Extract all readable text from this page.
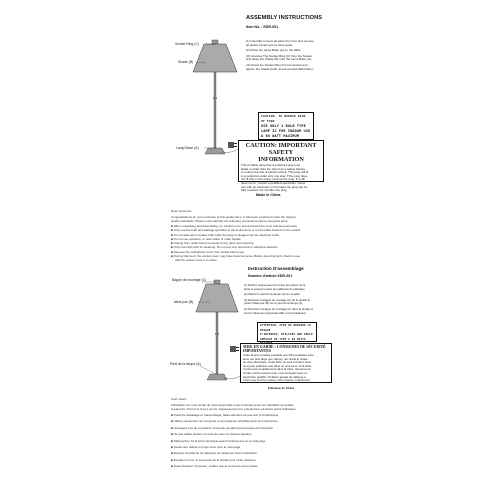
ASSEMBLY INSTRUCTIONS
Item No. : EDR-001
Socket Ring (C)
Shade (B)
Lamp Base (A)
(1) Carefully remove all parts from box and remove
all plastic covering from lamp parts.
(2) Place the Lamp Base (A) on the table.
(3) Unscrew The Socket Ring (C) from the Socket
and place the Shade (B) onto the Lamp Base (A).
(4) Screw the Socket Ring (C) into Socket and
tighten the Shade (bulb recommended LED bulbs).
CAUTION. TO REDUCE RISK OF FIRE
USE ONLY 1 BULB TYPE
LAMP IS FOR INDOOR USE
A 60 WATT MAXIMUM
CAUTION: IMPORTANT SAFETY
INFORMATION
This portable lamp has a polarized plug (one
blade is wider than the other) as a safety feature
to reduce the risk of electric shock. This plug will fit
in a polarized outlet only one way. If the plug does
not fit fully in the outlet, reverse the plug. If it still
does not fit, contact a qualified electrician. Never
use with an extension cord unless the plug can be
fully inserted. Do not alter the plug.
Made in China
Dear Customer:
Congratulations on your purchase of this quality lamp. It has been produced under the highest
quality standards. Please read carefully the following precautions before using this lamp:
■ When unpacking and assembling, be careful not to pull and bend the cord, and keep all parts
■ Only use the bulb and wattage specified in the instructions or on the label located on the socket
■ Do not attempt to replace bulb while the lamp is plugged into an electrical outlet
■ Do not use outdoors, or near water or other liquids
■ Unplug from outlet before removal of any parts and cleaning
■ Only use cloth with for cleaning. Do not use any chemical or abrasive cleaners
■ Remove the cellophane cover from shade before use
■ During shipment, the socket cover may have become loose. Before inserting bulb, check to see
that the socket cover is in place.
Instruction D'assemblage
Numéro d'article:XDR-001
Bague de montage (C)
Abat-jour (B)
Pied de la lampe (A)
(1) Retirez soigneusement toutes les pièces de la
boîte et enlevez toutes les pellicules de plastique
(2) Placez le pied de la lampe (A) sur la table.
(3) Dévissez la bague de montage (C) de la douille et
posez l'abat-jour (B) sur le pied de la lampe (A).
(4) Revissez la bague de montage (C) dans la douille et
serrez l'abat-jour (ampoules DEL recommandées).
ATTENTION: AFIN DE REDUIRE LE RISQUE
D'INCENDIE, UTILISEZ UNE SEULE
AMPOULE DE TYPE A 60 WATTS
MISE EN GARDE : CONSIGNES DE SÉCURITÉ IMPORTANTES
Cette lampe portative possède une fiche polarisée (une
lame est plus large que l'autre), qui réduit le risque
de choc électrique. Cette fiche ne peut s'insérer dans
une prise polarisée que dans un seul sens. Si la fiche
n'entre pas complètement dans la prise, retournez-la.
Si elle n'entre toujours pas, communiquez avec un
électricien qualifié. N'utilisez jamais de rallonge à
moins que la fiche puisse y être insérée entièrement.
Fabriqué en Chine
Cher Client:
Félicitation sur votre achat de cette lampe Elle a été construite avec les standards de qualité
supérieurs. Prenez le temps de lire soigneusement les précautions suivantes avant l'utilisation
■ Durant le déballage et l'assemblage, faites attention de pas tirer le fil électrique
■ Utilisez seulement une ampoule et la puissance spécifiée dans les instructions
■ N'essayez pas de remplacer l'ampoule pendant que la lampe est branchée
■ Ne pas utiliser dehors ou près de l'eau ou d'autres liquides
■ Débranchez de la prise électrique avant l'enlèvement ou le nettoyage
■ Seulement utiliser un linge doux pour le nettoyage
■ Enlevez la pellicule de plastique de l'abat-jour avant l'utilisation
■ Pendant l'envoi, le couvercle de la douille peut s'être desserré
■ Avant d'insérer l'ampoule, vérifiez que le couvercle est en place
